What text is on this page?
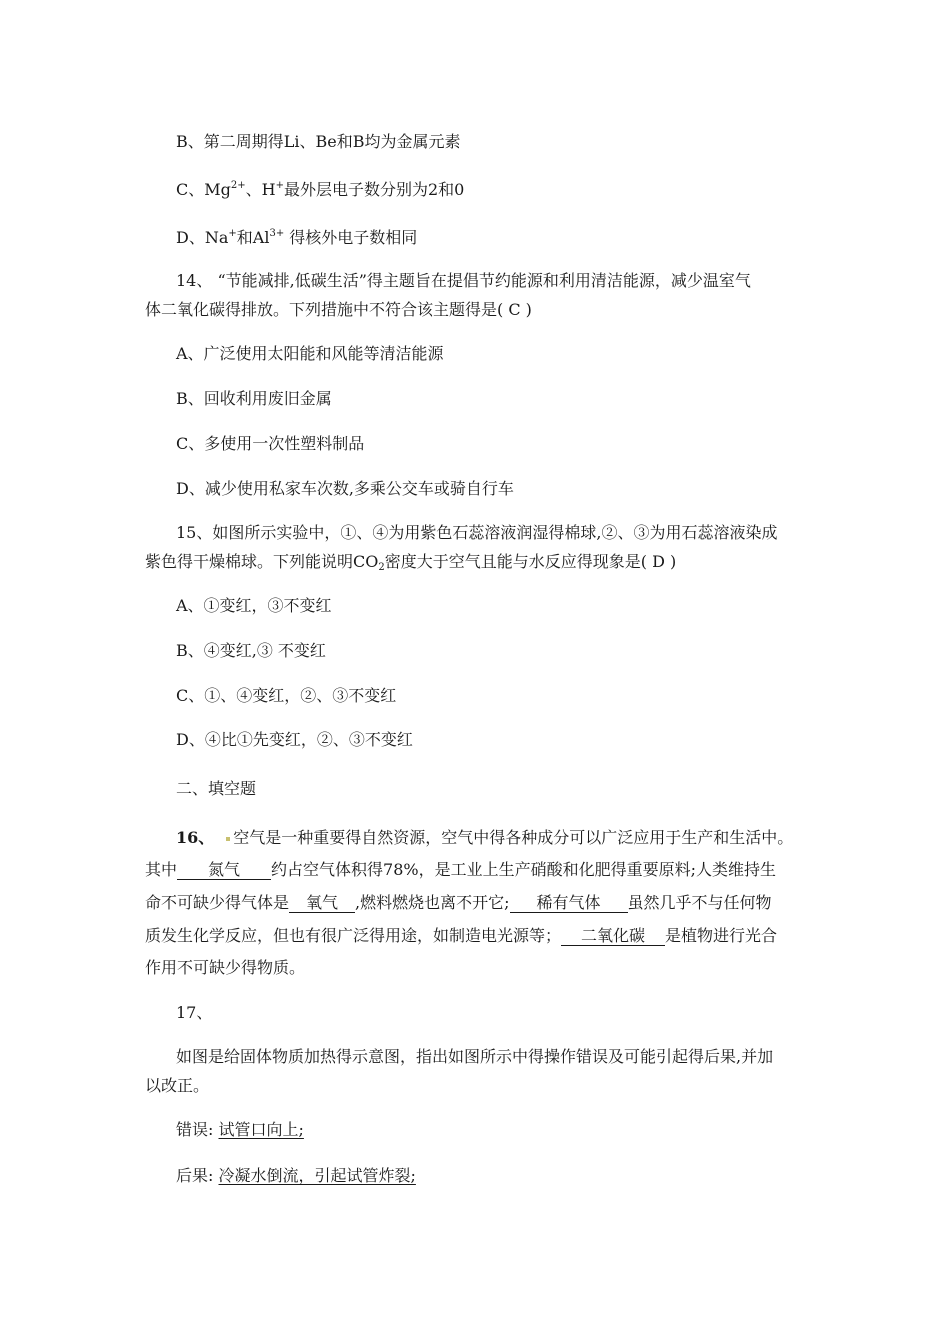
B、第二周期得Li、Be和B均为金属元素
C、$Mg^{2+}$、H+最外层电子数分别为2和0
D、Na+和$Al^{3+}$ 得核外电子数相同
14、 “节能减排,低碳生活”得主题旨在提倡节约能源和利用清洁能源，减少温室气
体二氧化碳得排放。下列措施中不符合该主题得是( C )
A、广泛使用太阳能和风能等清洁能源
B、回收利用废旧金属
C、多使用一次性塑料制品
D、减少使用私家车次数,多乘公交车或骑自行车
15、如图所示实验中，①、④为用紫色石蕊溶液润湿得棉球,②、③为用石蕊溶液染成
紫色得干燥棉球。下列能说明$CO_2$密度大于空气且能与水反应得现象是( D )
A、①变红，③不变红
B、④变红,③ 不变红
C、①、④变红，②、③不变红
D、④比①先变红，②、③不变红
二、填空题
16、 空气是一种重要得自然资源，空气中得各种成分可以广泛应用于生产和生活中。
其中 氮气 约占空气体积得78%，是工业上生产硝酸和化肥得重要原料;人类维持生
命不可缺少得气体是 氧气 ,燃料燃烧也离不开它; 稀有气体 虽然几乎不与任何物
质发生化学反应，但也有很广泛得用途，如制造电光源等； 二氧化碳 是植物进行光合
作用不可缺少得物质。
17、
如图是给固体物质加热得示意图，指出如图所示中得操作错误及可能引起得后果,并加
以改正。
错误: 试管口向上;
后果: 冷凝水倒流，引起试管炸裂;
